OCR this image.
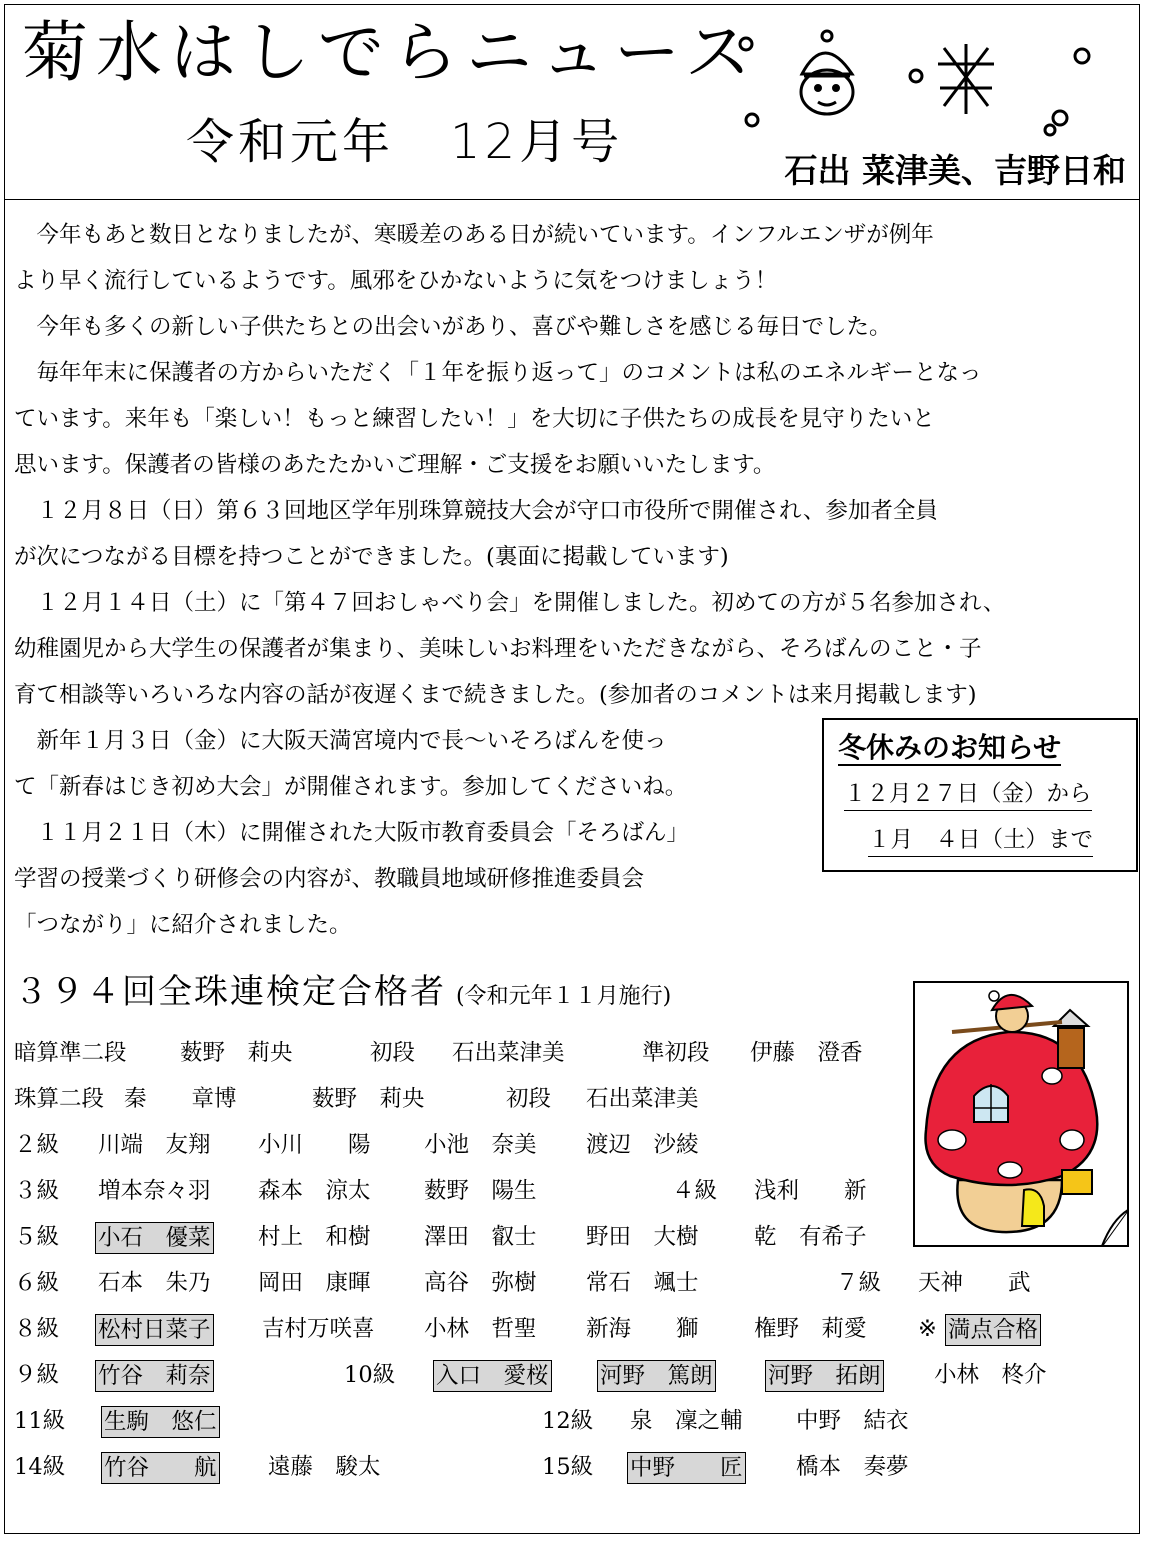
菊水はしでらニュース
令和元年 12月号
石出 菜津美、吉野日和
　今年もあと数日となりましたが、寒暖差のある日が続いています。インフルエンザが例年
より早く流行しているようです。風邪をひかないように気をつけましょう！
　今年も多くの新しい子供たちとの出会いがあり、喜びや難しさを感じる毎日でした。
　毎年年末に保護者の方からいただく「１年を振り返って」のコメントは私のエネルギーとなっ
ています。来年も「楽しい！もっと練習したい！」を大切に子供たちの成長を見守りたいと
思います。保護者の皆様のあたたかいご理解・ご支援をお願いいたします。
　１２月８日（日）第６３回地区学年別珠算競技大会が守口市役所で開催され、参加者全員
が次につながる目標を持つことができました。(裏面に掲載しています)
　１２月１４日（土）に「第４７回おしゃべり会」を開催しました。初めての方が５名参加され、
幼稚園児から大学生の保護者が集まり、美味しいお料理をいただきながら、そろばんのこと・子
育て相談等いろいろな内容の話が夜遅くまで続きました。(参加者のコメントは来月掲載します)
　新年１月３日（金）に大阪天満宮境内で長～いそろばんを使っ
て「新春はじき初め大会」が開催されます。参加してくださいね。
　１１月２１日（木）に開催された大阪市教育委員会「そろばん」
学習の授業づくり研修会の内容が、教職員地域研修推進委員会
「つながり」に紹介されました。
冬休みのお知らせ
１２月２７日（金）から
１月　４日（土）まで
３９４回全珠連検定合格者 (令和元年１１月施行)
暗算準二段 薮野　莉央	初段 石出菜津美	準初段 伊藤　澄香
珠算二段 秦　　章博	薮野　莉央	初段 石出菜津美
２級 川端　友翔 小川　　陽 小池　奈美 渡辺　沙綾
３級 増本奈々羽 森本　涼太 薮野　陽生	４級 浅利　　新
５級 小石　優菜 村上　和樹 澤田　叡士 野田　大樹 乾　有希子
６級 石本　朱乃 岡田　康暉 高谷　弥樹 常石　颯士	７級 天神　　武
８級 松村日菜子 吉村万咲喜 小林　哲聖 新海　　獅 権野　莉愛 ※ 満点合格
９級 竹谷　莉奈	10級 入口　愛桜 河野　篤朗 河野　拓朗 小林　柊介
11級 生駒　悠仁	12級 泉　凜之輔 中野　結衣
14級 竹谷　　航 遠藤　駿太	15級 中野　　匠 橋本　奏夢
